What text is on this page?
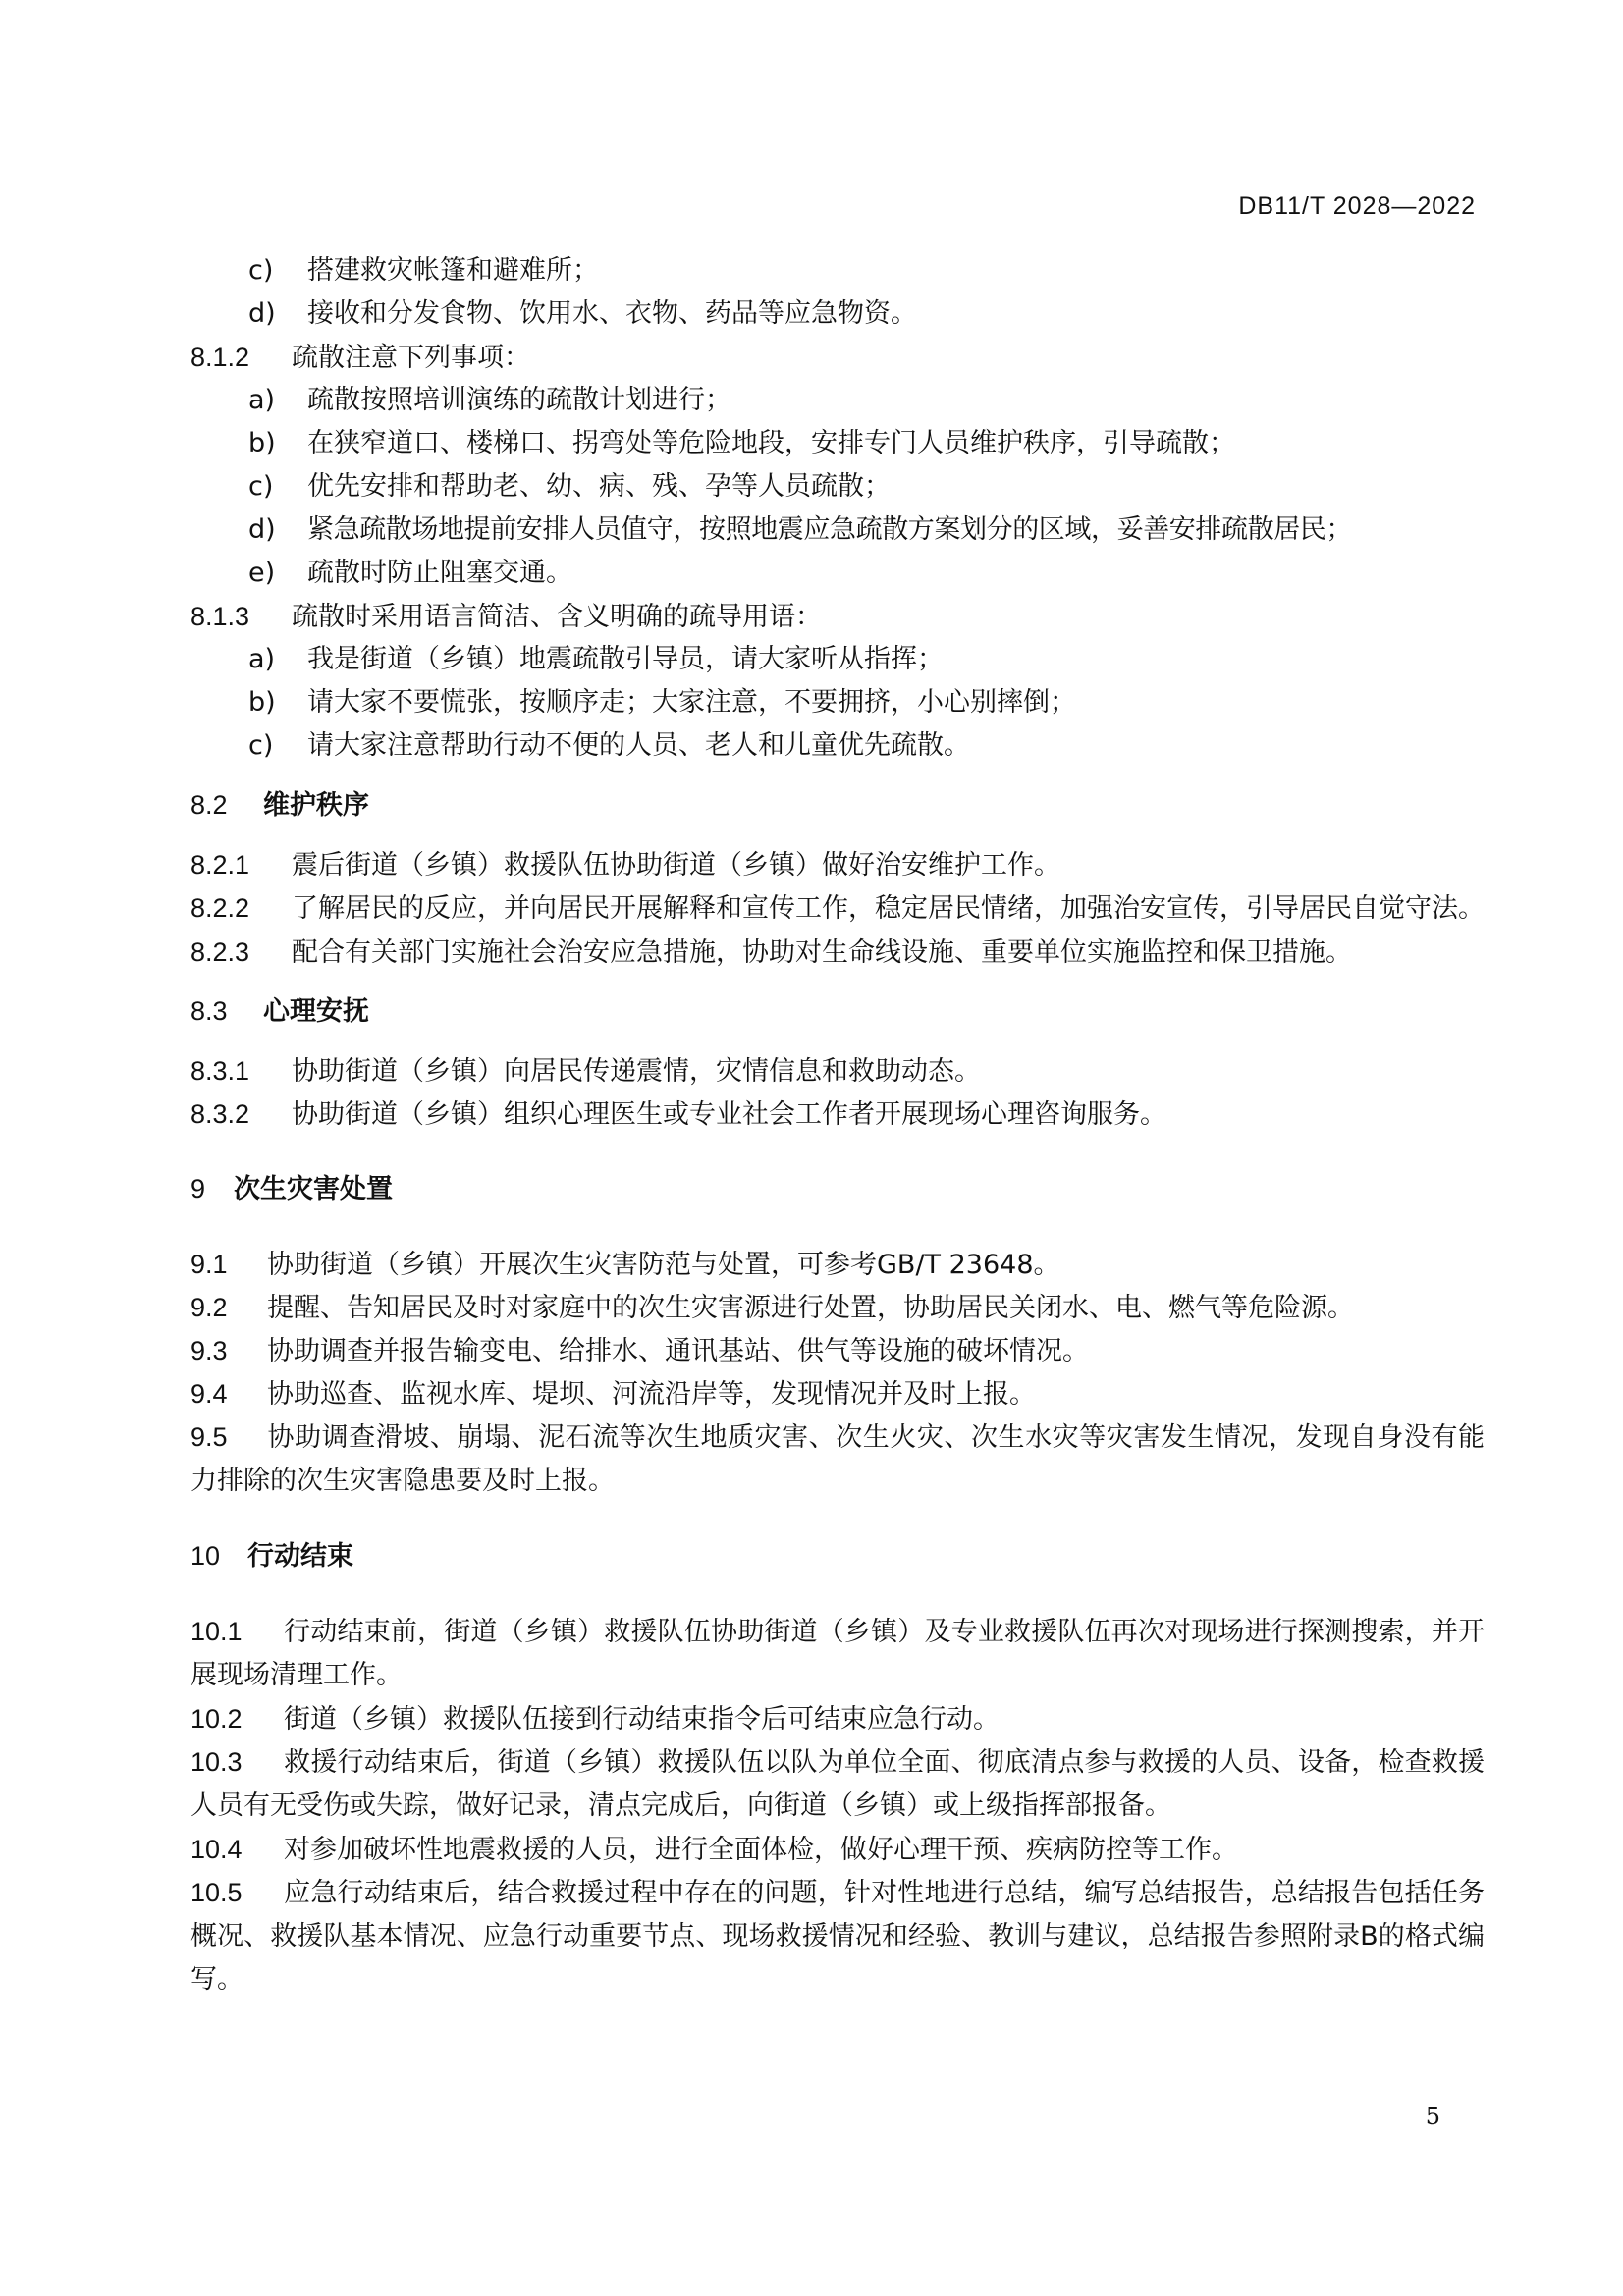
DB11/T 2028—2022
c) 搭建救灾帐篷和避难所；
d) 接收和分发食物、饮用水、衣物、药品等应急物资。
8.1.2 疏散注意下列事项：
a) 疏散按照培训演练的疏散计划进行；
b) 在狭窄道口、楼梯口、拐弯处等危险地段，安排专门人员维护秩序，引导疏散；
c) 优先安排和帮助老、幼、病、残、孕等人员疏散；
d) 紧急疏散场地提前安排人员值守，按照地震应急疏散方案划分的区域，妥善安排疏散居民；
e) 疏散时防止阻塞交通。
8.1.3 疏散时采用语言简洁、含义明确的疏导用语：
a) 我是街道（乡镇）地震疏散引导员，请大家听从指挥；
b) 请大家不要慌张，按顺序走；大家注意，不要拥挤，小心别摔倒；
c) 请大家注意帮助行动不便的人员、老人和儿童优先疏散。
8.2 维护秩序
8.2.1 震后街道（乡镇）救援队伍协助街道（乡镇）做好治安维护工作。
8.2.2 了解居民的反应，并向居民开展解释和宣传工作，稳定居民情绪，加强治安宣传，引导居民自觉守法。
8.2.3 配合有关部门实施社会治安应急措施，协助对生命线设施、重要单位实施监控和保卫措施。
8.3 心理安抚
8.3.1 协助街道（乡镇）向居民传递震情，灾情信息和救助动态。
8.3.2 协助街道（乡镇）组织心理医生或专业社会工作者开展现场心理咨询服务。
9 次生灾害处置
9.1 协助街道（乡镇）开展次生灾害防范与处置，可参考GB/T 23648。
9.2 提醒、告知居民及时对家庭中的次生灾害源进行处置，协助居民关闭水、电、燃气等危险源。
9.3 协助调查并报告输变电、给排水、通讯基站、供气等设施的破坏情况。
9.4 协助巡查、监视水库、堤坝、河流沿岸等，发现情况并及时上报。
9.5 协助调查滑坡、崩塌、泥石流等次生地质灾害、次生火灾、次生水灾等灾害发生情况，发现自身没有能力排除的次生灾害隐患要及时上报。
10 行动结束
10.1 行动结束前，街道（乡镇）救援队伍协助街道（乡镇）及专业救援队伍再次对现场进行探测搜索，并开展现场清理工作。
10.2 街道（乡镇）救援队伍接到行动结束指令后可结束应急行动。
10.3 救援行动结束后，街道（乡镇）救援队伍以队为单位全面、彻底清点参与救援的人员、设备，检查救援人员有无受伤或失踪，做好记录，清点完成后，向街道（乡镇）或上级指挥部报备。
10.4 对参加破坏性地震救援的人员，进行全面体检，做好心理干预、疾病防控等工作。
10.5 应急行动结束后，结合救援过程中存在的问题，针对性地进行总结，编写总结报告，总结报告包括任务概况、救援队基本情况、应急行动重要节点、现场救援情况和经验、教训与建议，总结报告参照附录B的格式编写。
5
